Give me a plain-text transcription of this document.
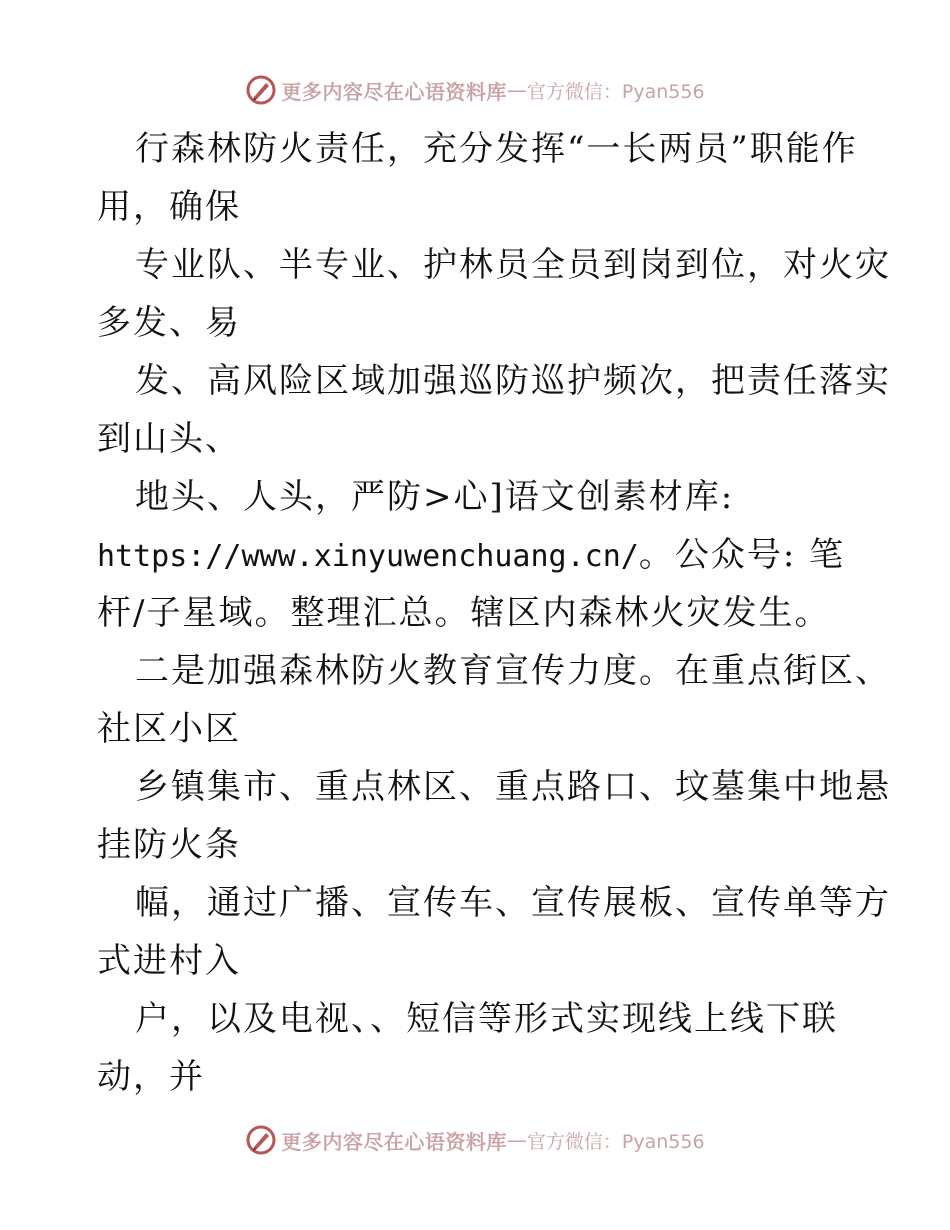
更多内容尽在心语资料库 — 官方微信：Pyan556
行森林防火责任，充分发挥“一长两员”职能作
用，确保
专业队、半专业、护林员全员到岗到位，对火灾
多发、易
发、高风险区域加强巡防巡护频次，把责任落实
到山头、
地头、人头，严防>心]语文创素材库:
https://www.xinyuwenchuang.cn/。公众号: 笔
杆/子星域。整理汇总。辖区内森林火灾发生。
二是加强森林防火教育宣传力度。在重点街区、
社区小区
乡镇集市、重点林区、重点路口、坟墓集中地悬
挂防火条
幅，通过广播、宣传车、宣传展板、宣传单等方
式进村入
户，以及电视、、短信等形式实现线上线下联
动，并
更多内容尽在心语资料库 — 官方微信：Pyan556
